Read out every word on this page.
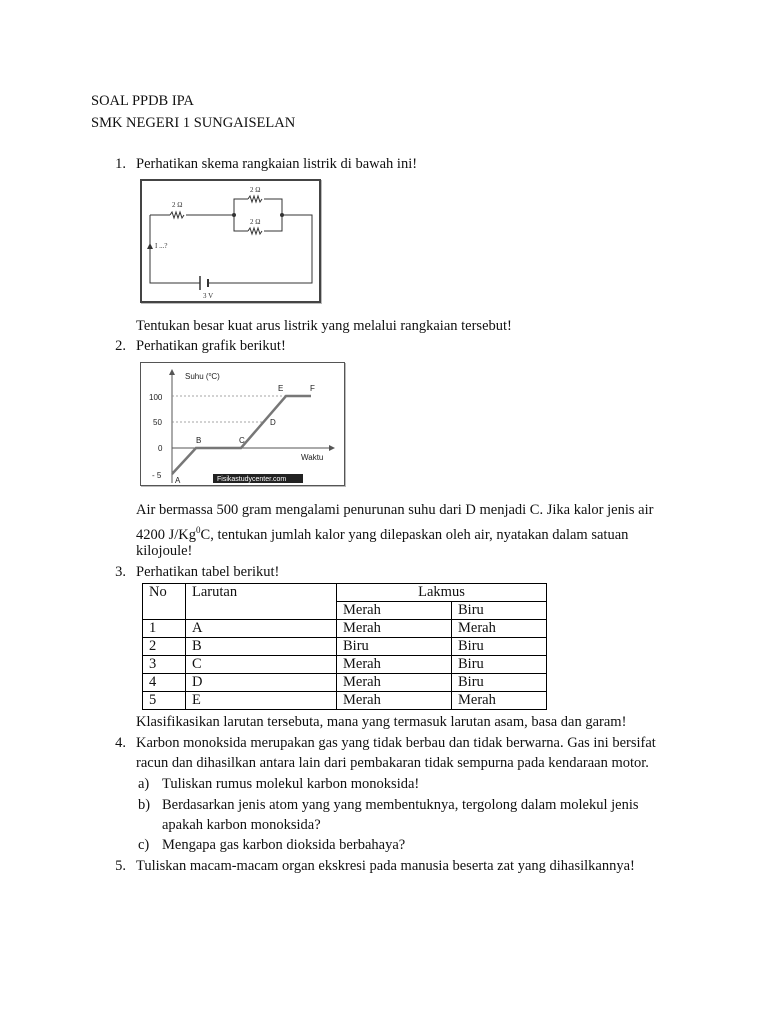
SOAL PPDB IPA
SMK NEGERI 1 SUNGAISELAN
1. Perhatikan skema rangkaian listrik di bawah ini!
2 Ω
2 Ω
2 Ω
I ...?
3 V
Tentukan besar kuat arus listrik yang melalui rangkaian tersebut!
2. Perhatikan grafik berikut!
Suhu ($^o$C)
Waktu
100
50
0
- 5
A
B	C
D
E	F
Fisikastudycenter.com
Air bermassa 500 gram mengalami penurunan suhu dari D menjadi C. Jika kalor jenis air
4200 J/Kg$^0$C, tentukan jumlah kalor yang dilepaskan oleh air, nyatakan dalam satuan
kilojoule!
3. Perhatikan tabel berikut!
No	Larutan	Lakmus	
		Merah	Biru
1	A	Merah	Merah
2	B	Biru	Biru
3	C	Merah	Biru
4	D	Merah	Biru
5	E	Merah	Merah
Klasifikasikan larutan tersebuta, mana yang termasuk larutan asam, basa dan garam!
4. Karbon monoksida merupakan gas yang tidak berbau dan tidak berwarna. Gas ini bersifat
racun dan dihasilkan antara lain dari pembakaran tidak sempurna pada kendaraan motor.
a) Tuliskan rumus molekul karbon monoksida!
b) Berdasarkan jenis atom yang yang membentuknya, tergolong dalam molekul jenis
apakah karbon monoksida?
c) Mengapa gas karbon dioksida berbahaya?
5. Tuliskan macam-macam organ ekskresi pada manusia beserta zat yang dihasilkannya!
